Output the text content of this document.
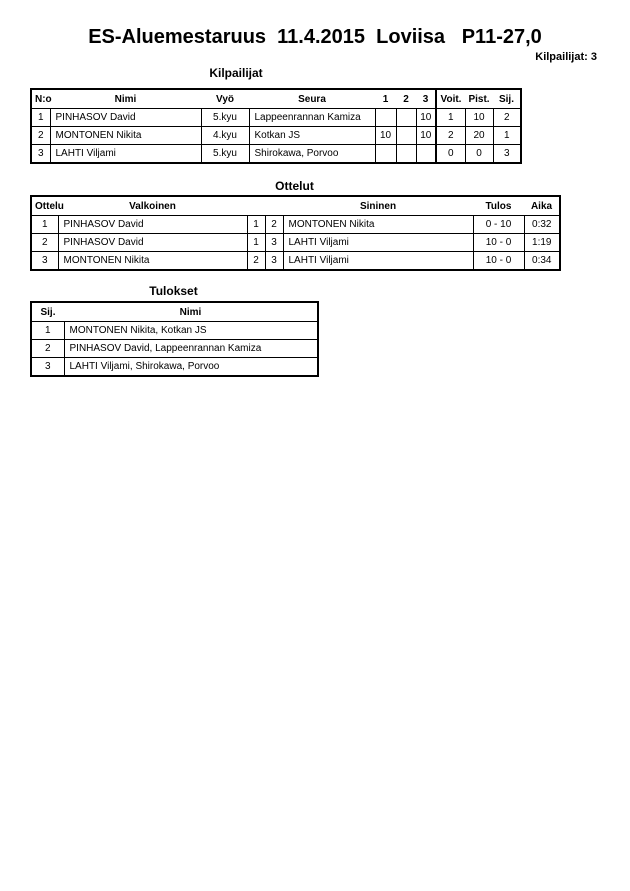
ES-Aluemestaruus  11.4.2015  Loviisa   P11-27,0
Kilpailijat: 3
Kilpailijat
N:o	Nimi	Vyö	Seura	1	2	3	Voit.	Pist.	Sij.
1	PINHASOV David	5.kyu	Lappeenrannan Kamiza			10	1	10	2
2	MONTONEN Nikita	4.kyu	Kotkan JS	10		10	2	20	1
3	LAHTI Viljami	5.kyu	Shirokawa, Porvoo				0	0	3
Ottelut
Ottelu	Valkoinen			Sininen	Tulos	Aika
1	PINHASOV David	1	2	MONTONEN Nikita	0 - 10	0:32
2	PINHASOV David	1	3	LAHTI Viljami	10 - 0	1:19
3	MONTONEN Nikita	2	3	LAHTI Viljami	10 - 0	0:34
Tulokset
Sij.	Nimi
1	MONTONEN Nikita, Kotkan JS
2	PINHASOV David, Lappeenrannan Kamiza
3	LAHTI Viljami, Shirokawa, Porvoo
